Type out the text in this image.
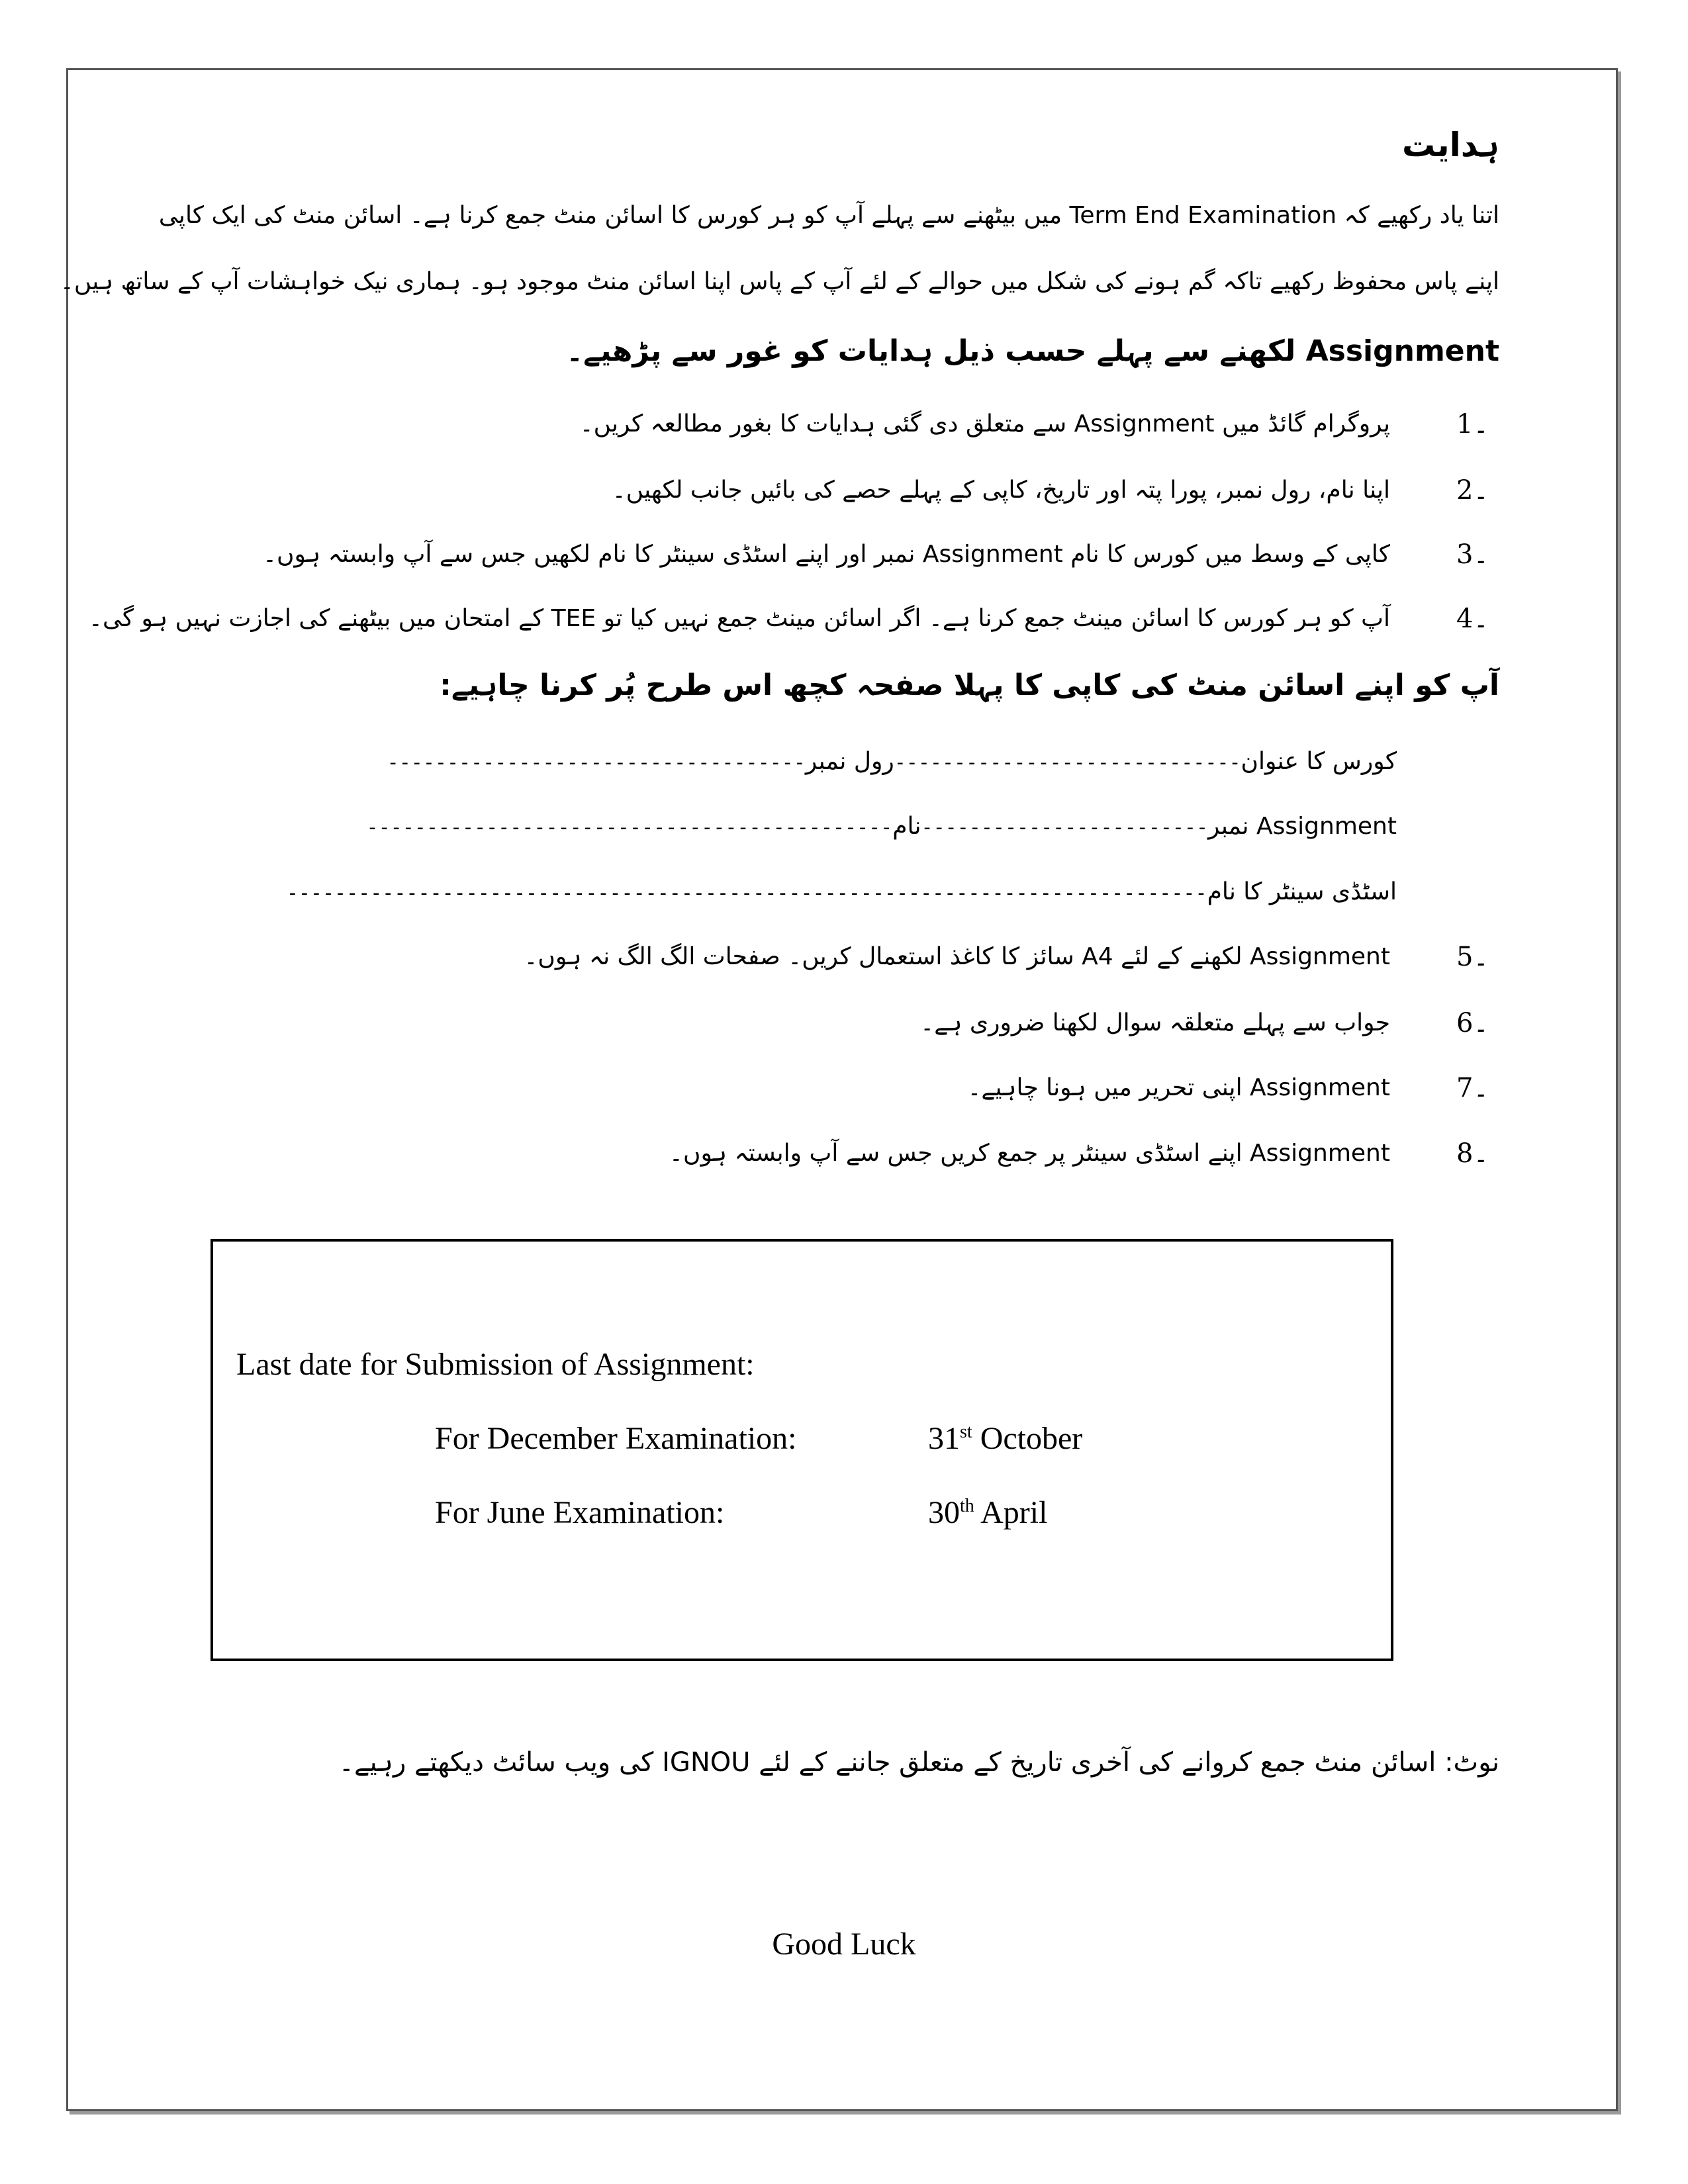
ہدایت
اتنا یاد رکھیے کہ Term End Examination میں بیٹھنے سے پہلے آپ کو ہر کورس کا اسائن منٹ جمع کرنا ہے۔ اسائن منٹ کی ایک کاپی
اپنے پاس محفوظ رکھیے تاکہ گم ہونے کی شکل میں حوالے کے لئے آپ کے پاس اپنا اسائن منٹ موجود ہو۔ ہماری نیک خواہشات آپ کے ساتھ ہیں۔
Assignment لکھنے سے پہلے حسب ذیل ہدایات کو غور سے پڑھیے۔
1۔
پروگرام گائڈ میں Assignment سے متعلق دی گئی ہدایات کا بغور مطالعہ کریں۔
2۔
اپنا نام، رول نمبر، پورا پتہ اور تاریخ، کاپی کے پہلے حصے کی بائیں جانب لکھیں۔
3۔
کاپی کے وسط میں کورس کا نام Assignment نمبر اور اپنے اسٹڈی سینٹر کا نام لکھیں جس سے آپ وابستہ ہوں۔
4۔
آپ کو ہر کورس کا اسائن مینٹ جمع کرنا ہے۔ اگر اسائن مینٹ جمع نہیں کیا تو TEE کے امتحان میں بیٹھنے کی اجازت نہیں ہو گی۔
آپ کو اپنے اسائن منٹ کی کاپی کا پہلا صفحہ کچھ اس طرح پُر کرنا چاہیے:
کورس کا عنوان-----------------------------رول نمبر-----------------------------------
Assignment نمبر------------------------نام--------------------------------------------
اسٹڈی سینٹر کا نام-----------------------------------------------------------------------------
5۔
Assignment لکھنے کے لئے A4 سائز کا کاغذ استعمال کریں۔ صفحات الگ الگ نہ ہوں۔
6۔
جواب سے پہلے متعلقہ سوال لکھنا ضروری ہے۔
7۔
Assignment اپنی تحریر میں ہونا چاہیے۔
8۔
Assignment اپنے اسٹڈی سینٹر پر جمع کریں جس سے آپ وابستہ ہوں۔
Last date for Submission of Assignment:
For December Examination:	31st October
For June Examination:	30th April
نوٹ: اسائن منٹ جمع کروانے کی آخری تاریخ کے متعلق جاننے کے لئے IGNOU کی ویب سائٹ دیکھتے رہیے۔
Good Luck
